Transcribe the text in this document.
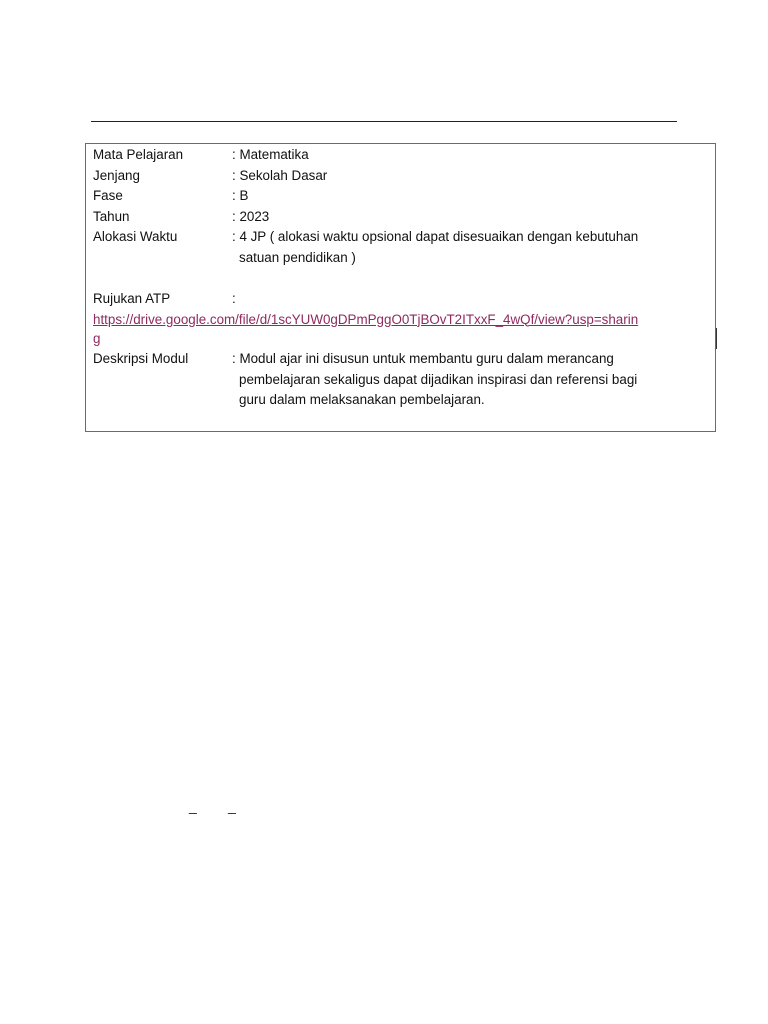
Mata Pelajaran	: Matematika
Jenjang	: Sekolah Dasar
Fase	: B
Tahun	: 2023
Alokasi Waktu	: 4 JP ( alokasi waktu opsional dapat disesuaikan dengan kebutuhan
satuan pendidikan )
Rujukan ATP	:
https://drive.google.com/file/d/1scYUW0gDPmPggO0TjBOvT2ITxxF_4wQf/view?usp=sharin
g
Deskripsi Modul	: Modul ajar ini disusun untuk membantu guru dalam merancang
pembelajaran sekaligus dapat dijadikan inspirasi dan referensi bagi
guru dalam melaksanakan pembelajaran.
_ _
